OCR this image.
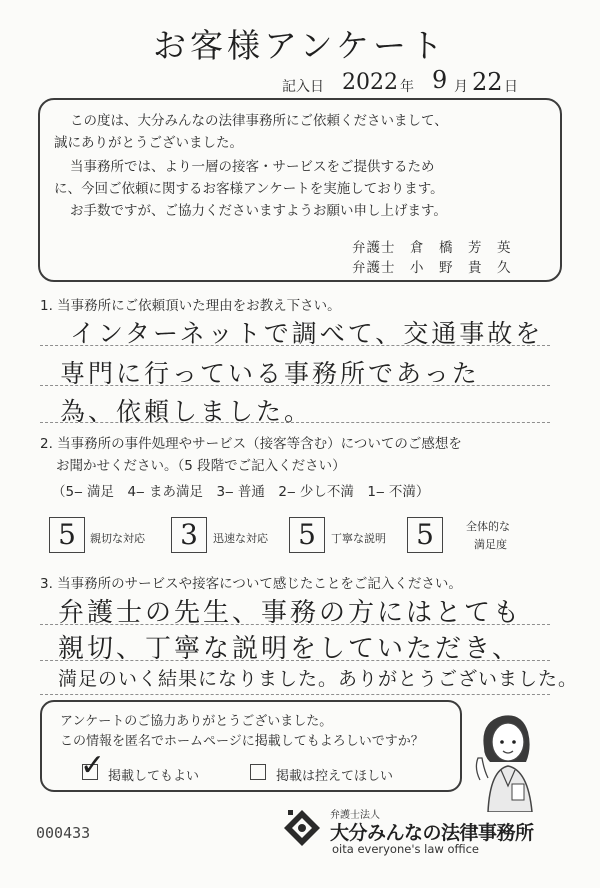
お客様アンケート
記入日 2022 年 9 月 22 日

この度は、大分みんなの法律事務所にご依頼くださいまして、

誠にありがとうございました。

当事務所では、より一層の接客・サービスをご提供するため

に、今回ご依頼に関するお客様アンケートを実施しております。

お手数ですが、ご協力くださいますようお願い申し上げます。

弁護士　倉　橋　芳　英
弁護士　小　野　貴　久
1. 当事務所にご依頼頂いた理由をお教え下さい。
インターネットで調べて、交通事故を
専門に行っている事務所であった
為、依頼しました。
2. 当事務所の事件処理やサービス（接客等含む）についてのご感想を
お聞かせください。（5 段階でご記入ください）
（5‒ 満足　4‒ まあ満足　3‒ 普通　2‒ 少し不満　1‒ 不満）
5	親切な対応	3	迅速な対応	5	丁寧な説明	5	全体的な
満足度
3. 当事務所のサービスや接客について感じたことをご記入ください。
弁護士の先生、事務の方にはとても
親切、丁寧な説明をしていただき、
満足のいく結果になりました。ありがとうございました。
アンケートのご協力ありがとうございました。
この情報を匿名でホームページに掲載してもよろしいですか？
✓ 掲載してもよい	掲載は控えてほしい
000433
弁護士法人
大分みんなの法律事務所
oita everyone's law office
